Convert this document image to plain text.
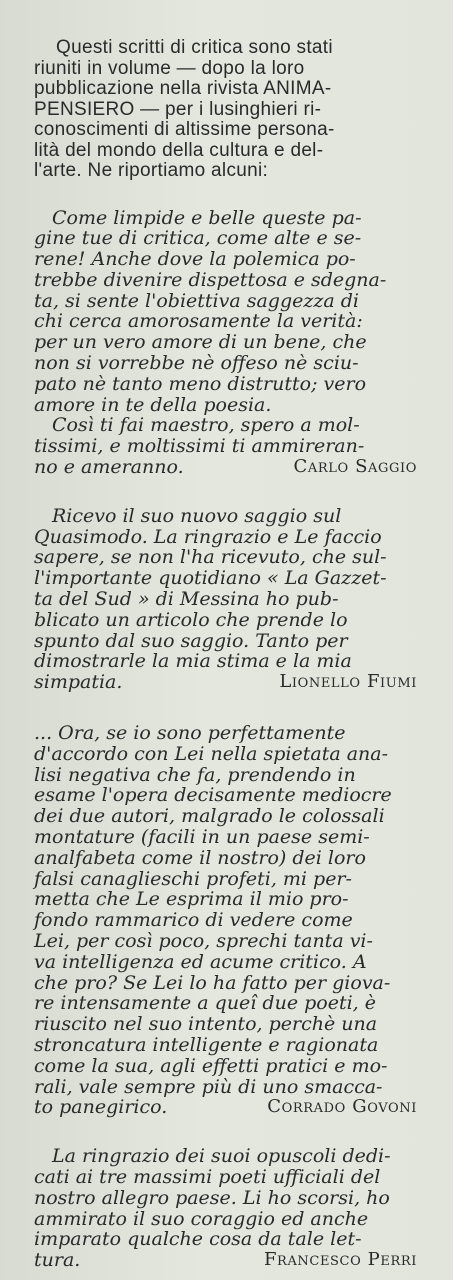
Questi scritti di critica sono stati
riuniti in volume — dopo la loro
pubblicazione nella rivista ANIMA-
PENSIERO — per i lusinghieri ri-
conoscimenti di altissime persona-
lità del mondo della cultura e del-
l'arte. Ne riportiamo alcuni:
Come limpide e belle queste pa-
gine tue di critica, come alte e se-
rene! Anche dove la polemica po-
trebbe divenire dispettosa e sdegna-
ta, si sente l'obiettiva saggezza di
chi cerca amorosamente la verità:
per un vero amore di un bene, che
non si vorrebbe nè offeso nè sciu-
pato nè tanto meno distrutto; vero
amore in te della poesia.
Così ti fai maestro, spero a mol-
tissimi, e moltissimi ti ammireran-
no e ameranno.	Carlo Saggio
Ricevo il suo nuovo saggio sul
Quasimodo. La ringrazio e Le faccio
sapere, se non l'ha ricevuto, che sul-
l'importante quotidiano « La Gazzet-
ta del Sud » di Messina ho pub-
blicato un articolo che prende lo
spunto dal suo saggio. Tanto per
dimostrarle la mia stima e la mia
simpatia.	Lionello Fiumi
... Ora, se io sono perfettamente
d'accordo con Lei nella spietata ana-
lisi negativa che fa, prendendo in
esame l'opera decisamente mediocre
dei due autori, malgrado le colossali
montature (facili in un paese semi-
analfabeta come il nostro) dei loro
falsi canaglieschi profeti, mi per-
metta che Le esprima il mio pro-
fondo rammarico di vedere come
Lei, per così poco, sprechi tanta vi-
va intelligenza ed acume critico. A
che pro? Se Lei lo ha fatto per giova-
re intensamente a queî due poeti, è
riuscito nel suo intento, perchè una
stroncatura intelligente e ragionata
come la sua, agli effetti pratici e mo-
rali, vale sempre più di uno smacca-
to panegirico.	Corrado Govoni
La ringrazio dei suoi opuscoli dedi-
cati ai tre massimi poeti ufficiali del
nostro allegro paese. Li ho scorsi, ho
ammirato il suo coraggio ed anche
imparato qualche cosa da tale let-
tura.	Francesco Perri
